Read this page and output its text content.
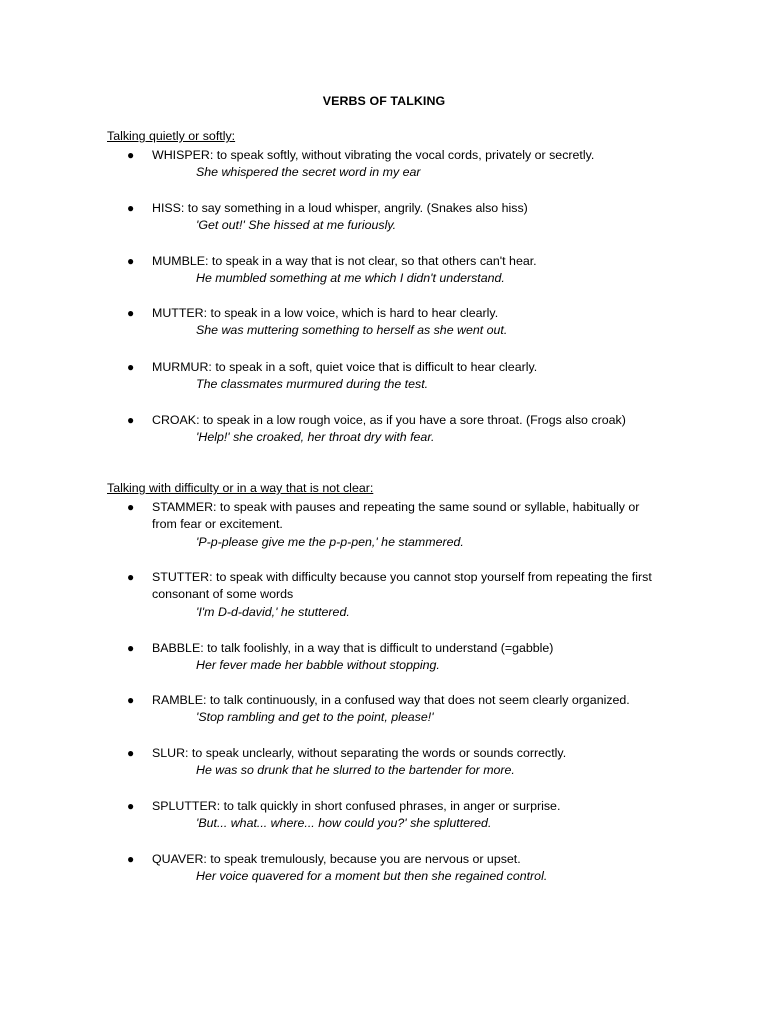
VERBS OF TALKING
Talking quietly or softly:
● WHISPER: to speak softly, without vibrating the vocal cords, privately or secretly.
She whispered the secret word in my ear
● HISS: to say something in a loud whisper, angrily. (Snakes also hiss)
'Get out!' She hissed at me furiously.
● MUMBLE: to speak in a way that is not clear, so that others can't hear.
He mumbled something at me which I didn't understand.
● MUTTER: to speak in a low voice, which is hard to hear clearly.
She was muttering something to herself as she went out.
● MURMUR: to speak in a soft, quiet voice that is difficult to hear clearly.
The classmates murmured during the test.
● CROAK: to speak in a low rough voice, as if you have a sore throat. (Frogs also croak)
'Help!' she croaked, her throat dry with fear.
Talking with difficulty or in a way that is not clear:
● STAMMER: to speak with pauses and repeating the same sound or syllable, habitually or from fear or excitement.
'P-p-please give me the p-p-pen,' he stammered.
● STUTTER: to speak with difficulty because you cannot stop yourself from repeating the first consonant of some words
'I'm D-d-david,' he stuttered.
● BABBLE: to talk foolishly, in a way that is difficult to understand (=gabble)
Her fever made her babble without stopping.
● RAMBLE: to talk continuously, in a confused way that does not seem clearly organized.
'Stop rambling and get to the point, please!'
● SLUR: to speak unclearly, without separating the words or sounds correctly.
He was so drunk that he slurred to the bartender for more.
● SPLUTTER: to talk quickly in short confused phrases, in anger or surprise.
'But... what... where... how could you?' she spluttered.
● QUAVER: to speak tremulously, because you are nervous or upset.
Her voice quavered for a moment but then she regained control.
